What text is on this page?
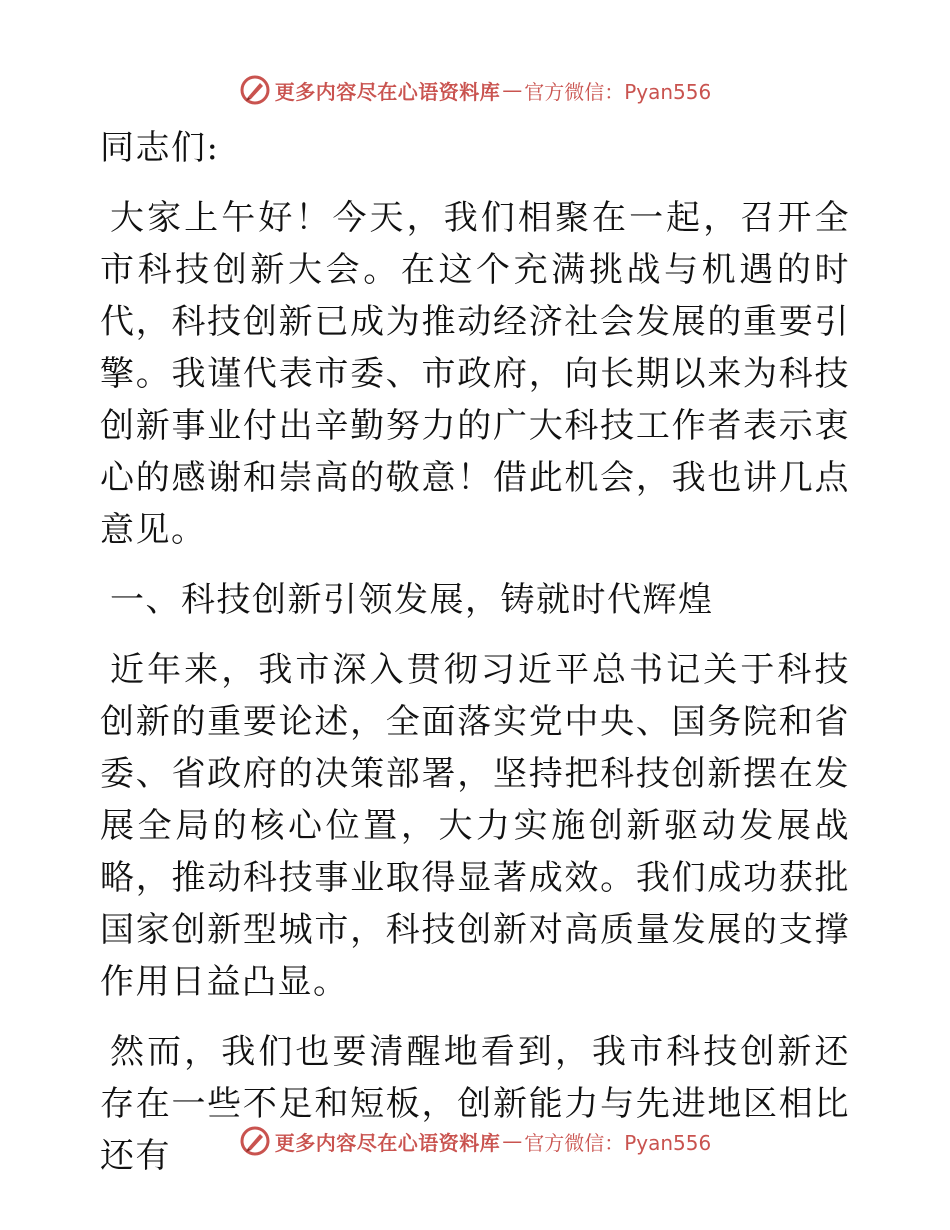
更多内容尽在心语资料库 — 官方微信：Pyan556

同志们:

大家上午好！今天，我们相聚在一起，召开全市科技创新大会。在这个充满挑战与机遇的时代，科技创新已成为推动经济社会发展的重要引擎。我谨代表市委、市政府，向长期以来为科技创新事业付出辛勤努力的广大科技工作者表示衷心的感谢和崇高的敬意！借此机会，我也讲几点意见。

一、科技创新引领发展，铸就时代辉煌

近年来，我市深入贯彻习近平总书记关于科技创新的重要论述，全面落实党中央、国务院和省委、省政府的决策部署，坚持把科技创新摆在发展全局的核心位置，大力实施创新驱动发展战略，推动科技事业取得显著成效。我们成功获批国家创新型城市，科技创新对高质量发展的支撑作用日益凸显。

然而，我们也要清醒地看到，我市科技创新还存在一些不足和短板，创新能力与先进地区相比还有	更多内容尽在心语资料库 — 官方微信：Pyan556
